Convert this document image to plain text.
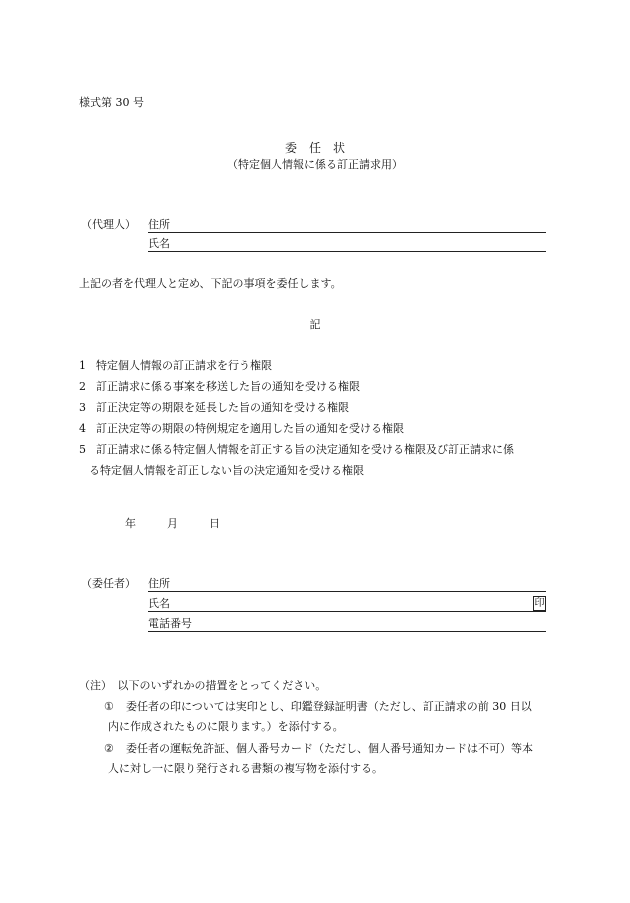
様式第 30 号
委　任　状
（特定個人情報に係る訂正請求用）
（代理人） 住所
氏名
上記の者を代理人と定め、下記の事項を委任します。
記
1 特定個人情報の訂正請求を行う権限
2 訂正請求に係る事案を移送した旨の通知を受ける権限
3 訂正決定等の期限を延長した旨の通知を受ける権限
4 訂正決定等の期限の特例規定を適用した旨の通知を受ける権限
5 訂正請求に係る特定個人情報を訂正する旨の決定通知を受ける権限及び訂正請求に係
る特定個人情報を訂正しない旨の決定通知を受ける権限
年	月	日
（委任者） 住所
氏名	印
電話番号
（注）　以下のいずれかの措置をとってください。
① 委任者の印については実印とし、印鑑登録証明書（ただし、訂正請求の前 30 日以
内に作成されたものに限ります。）を添付する。
② 委任者の運転免許証、個人番号カード（ただし、個人番号通知カードは不可）等本
人に対し一に限り発行される書類の複写物を添付する。
